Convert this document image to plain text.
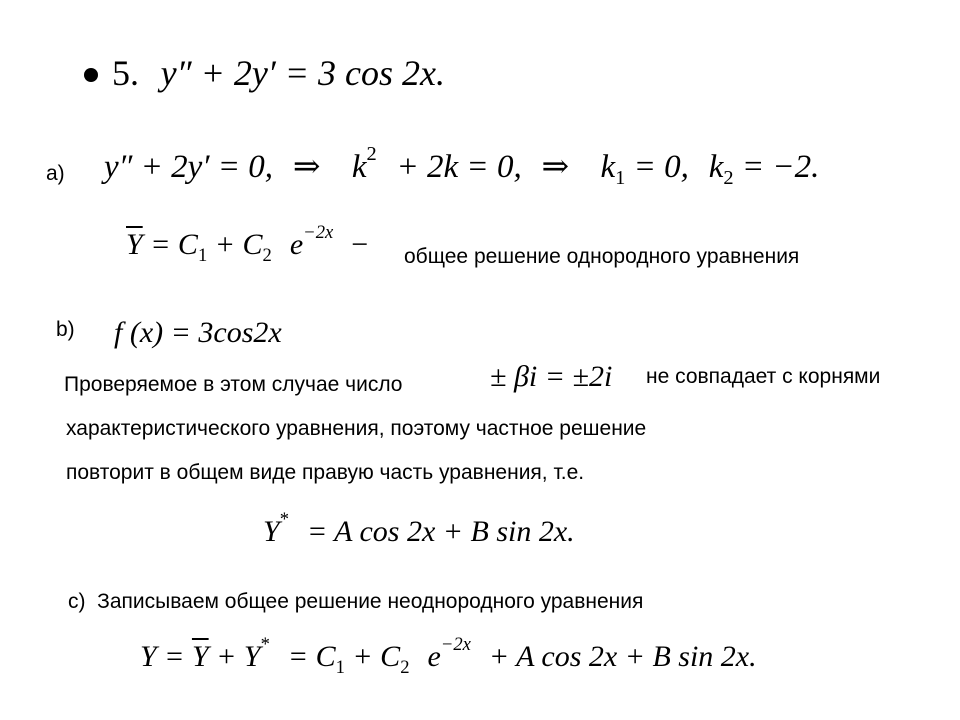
5. y″ + 2y′ = 3 cos 2x.
а) y″ + 2y′ = 0, ⇒ $k^2 + 2k = 0$, ⇒ $k_1 = 0$, $k_2 = -2$.
$\overline{Y} = C_1 + C_2$ $e^{-2x}$ − общее решение однородного уравнения
b) f (x) = 3cos2x
Проверяемое в этом случае число	± βi = ±2i не совпадает с корнями
характеристического уравнения, поэтому частное решение
повторит в общем виде правую часть уравнения, т.е.
Y* = A cos 2x + B sin 2x.
с) Записываем общее решение неоднородного уравнения
$Y = \overline{Y} + Y^* = C_1 + C_2$ $e^{-2x} + A$ cos 2x + B sin 2x.
